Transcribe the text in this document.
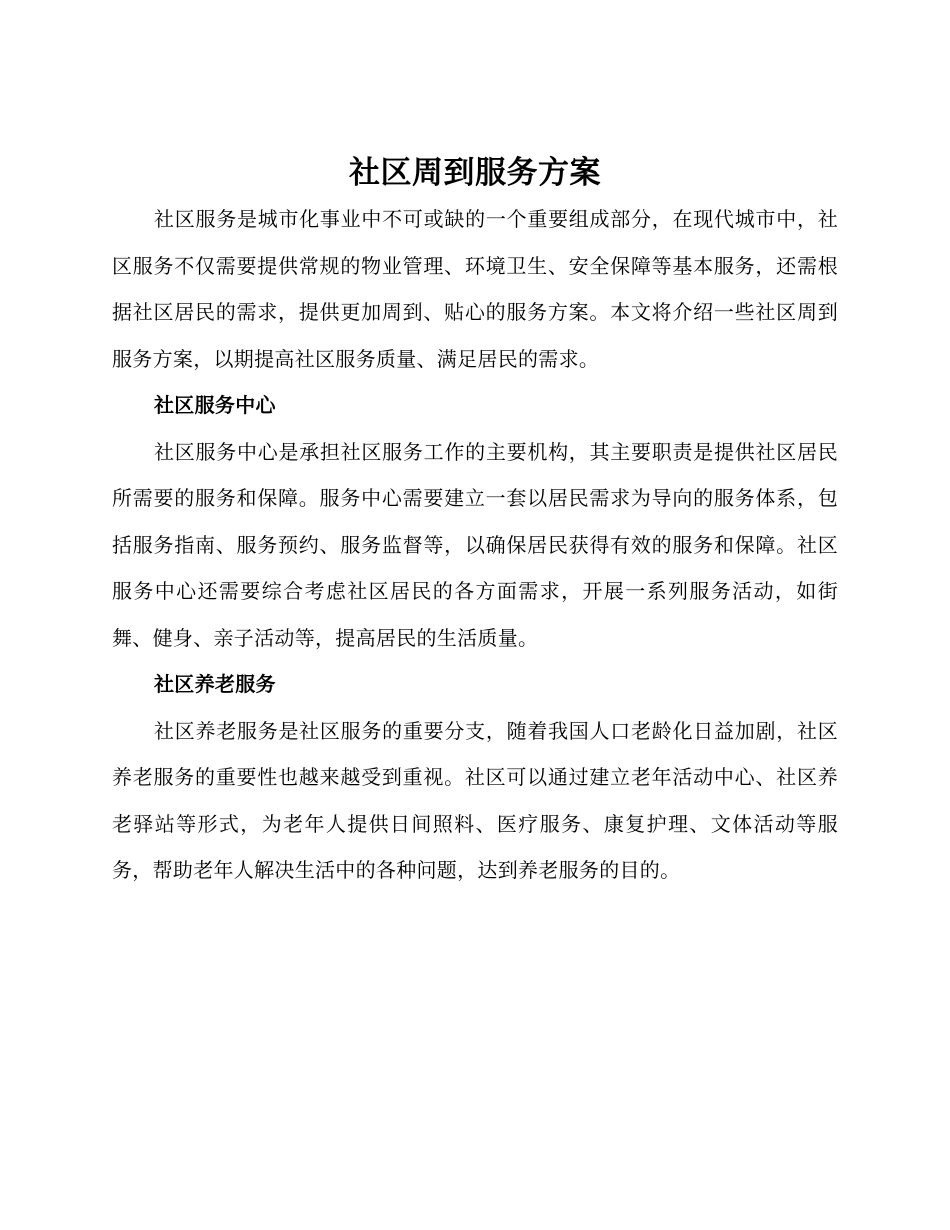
社区周到服务方案

社区服务是城市化事业中不可或缺的一个重要组成部分，在现代城市中，社区服务不仅需要提供常规的物业管理、环境卫生、安全保障等基本服务，还需根据社区居民的需求，提供更加周到、贴心的服务方案。本文将介绍一些社区周到服务方案，以期提高社区服务质量、满足居民的需求。

社区服务中心

社区服务中心是承担社区服务工作的主要机构，其主要职责是提供社区居民所需要的服务和保障。服务中心需要建立一套以居民需求为导向的服务体系，包括服务指南、服务预约、服务监督等，以确保居民获得有效的服务和保障。社区服务中心还需要综合考虑社区居民的各方面需求，开展一系列服务活动，如街舞、健身、亲子活动等，提高居民的生活质量。

社区养老服务

社区养老服务是社区服务的重要分支，随着我国人口老龄化日益加剧，社区养老服务的重要性也越来越受到重视。社区可以通过建立老年活动中心、社区养老驿站等形式，为老年人提供日间照料、医疗服务、康复护理、文体活动等服务，帮助老年人解决生活中的各种问题，达到养老服务的目的。
